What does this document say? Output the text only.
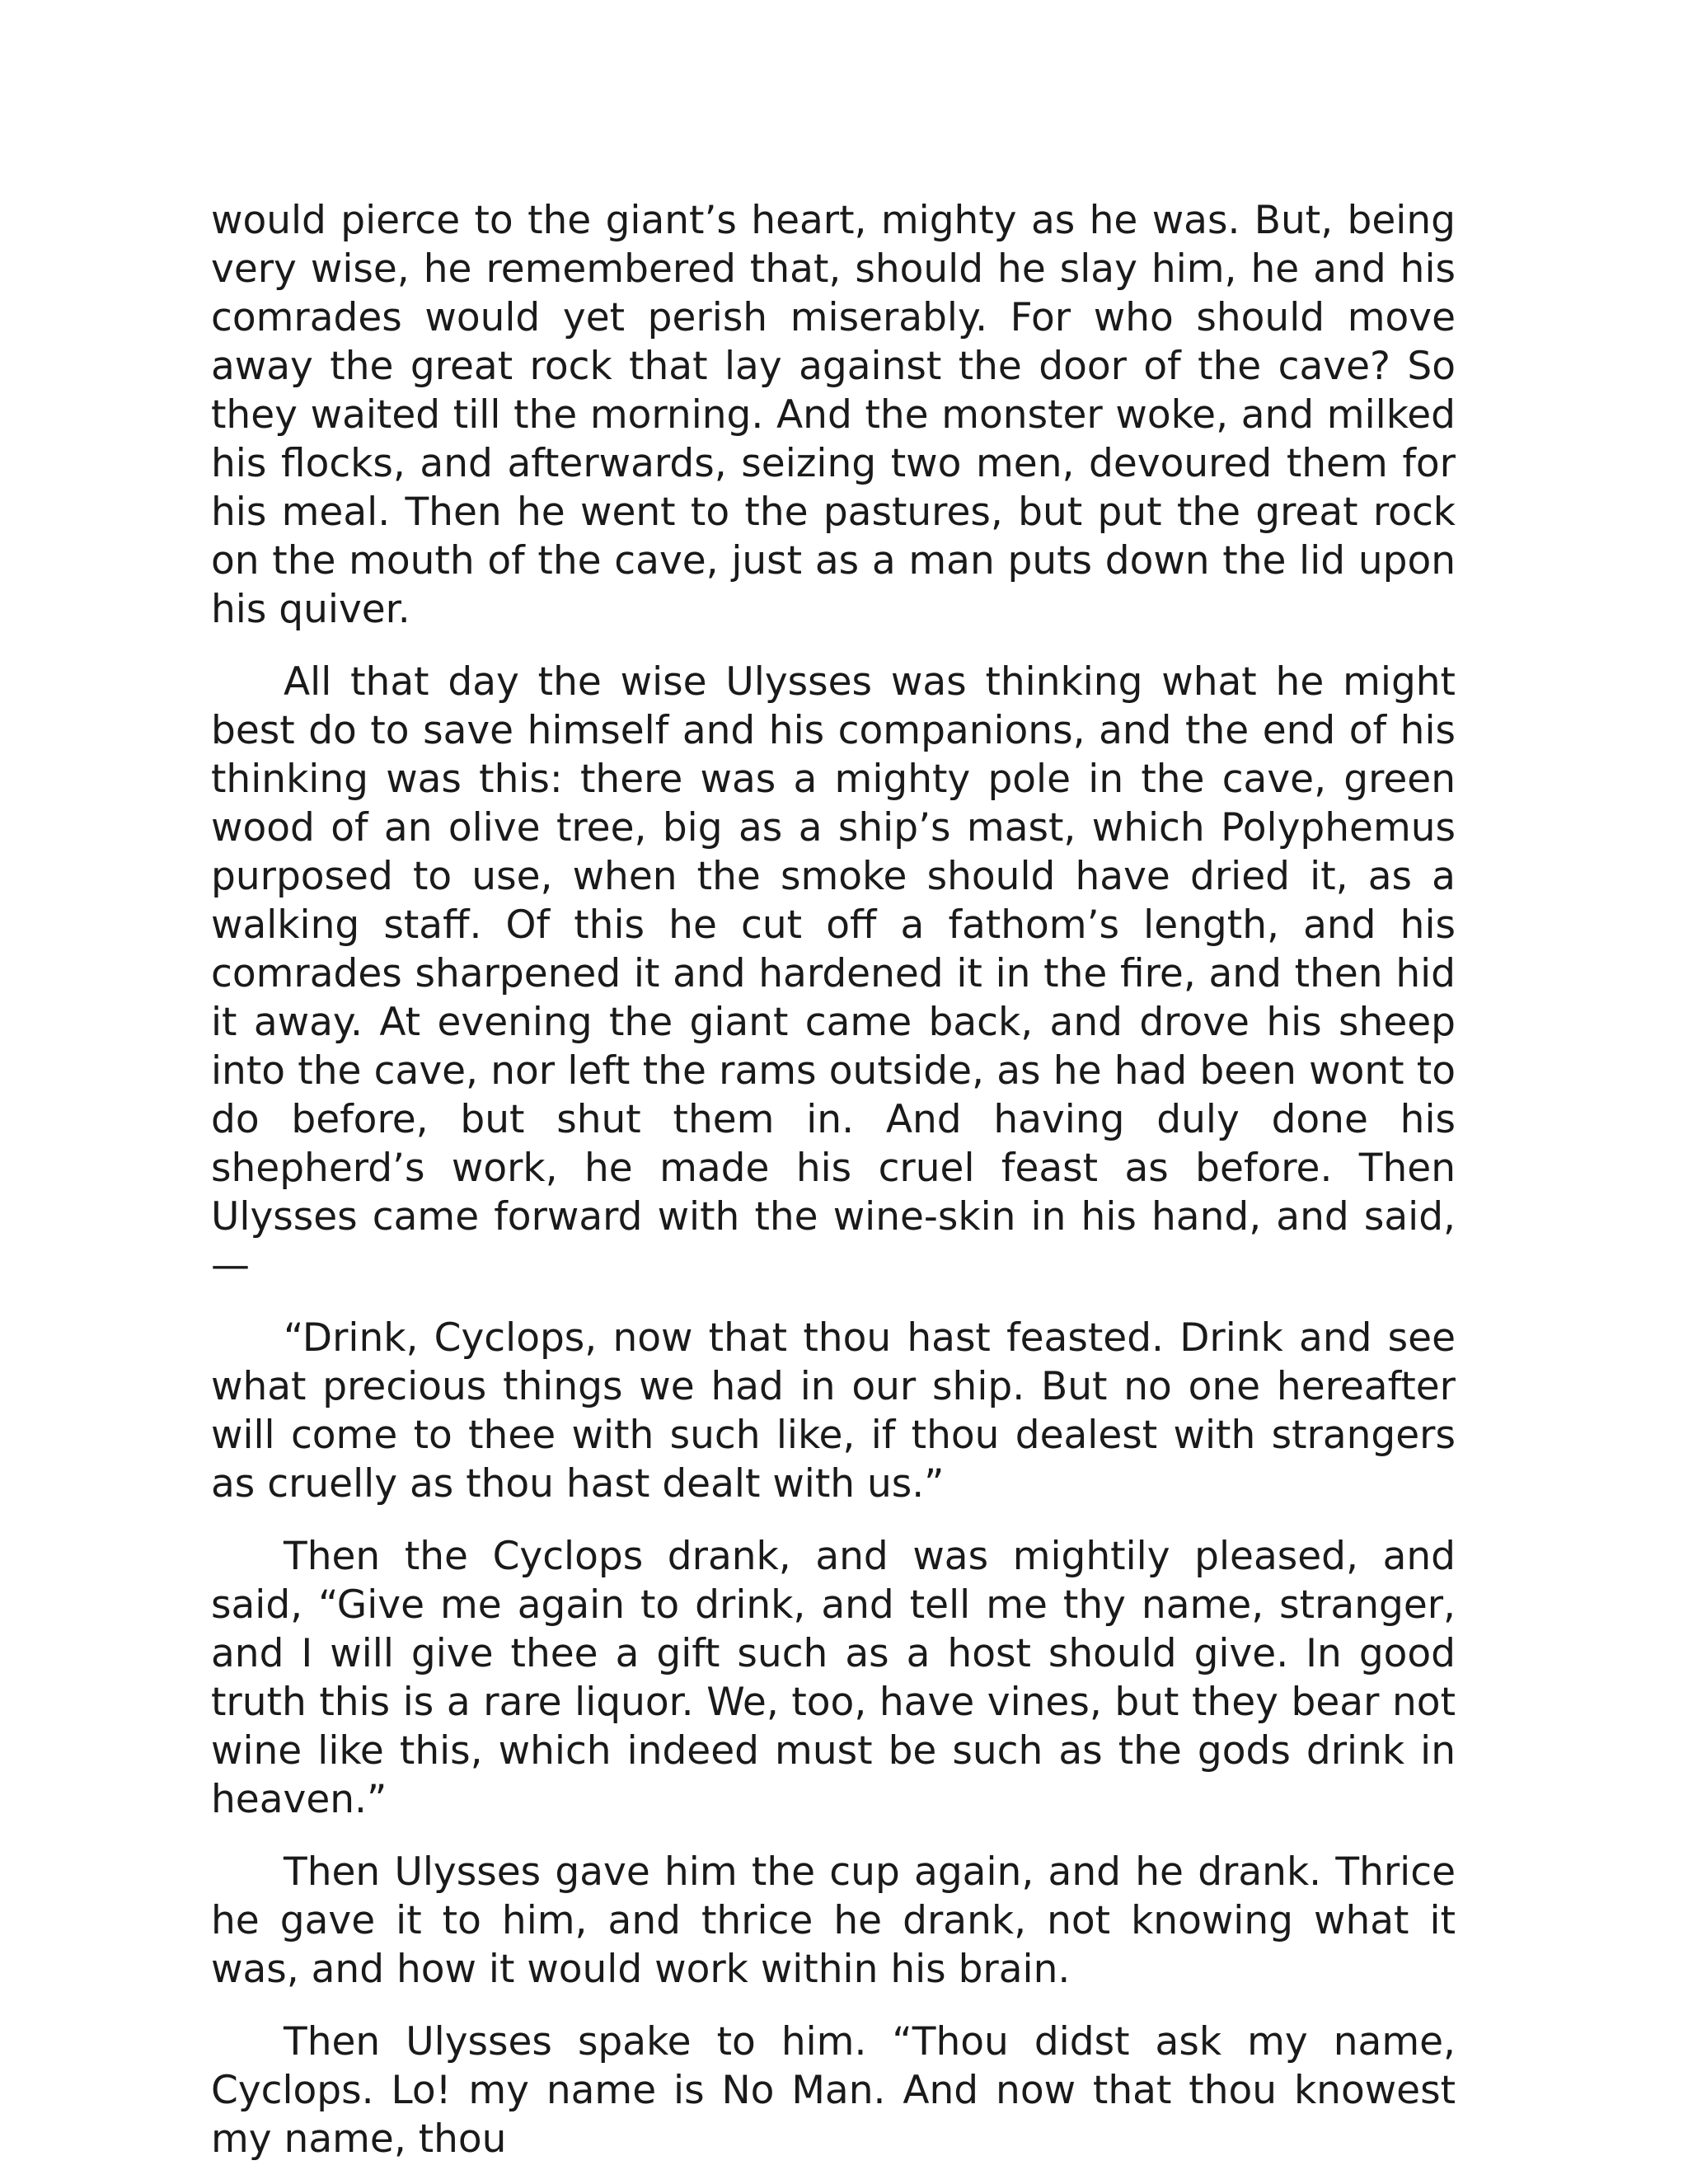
would pierce to the giant’s heart, mighty as he was. But, being very wise, he remembered that, should he slay him, he and his comrades would yet perish miserably. For who should move away the great rock that lay against the door of the cave? So they waited till the morning. And the monster woke, and milked his flocks, and afterwards, seizing two men, devoured them for his meal. Then he went to the pastures, but put the great rock on the mouth of the cave, just as a man puts down the lid upon his quiver.

All that day the wise Ulysses was thinking what he might best do to save himself and his companions, and the end of his thinking was this: there was a mighty pole in the cave, green wood of an olive tree, big as a ship’s mast, which Polyphemus purposed to use, when the smoke should have dried it, as a walking staff. Of this he cut off a fathom’s length, and his comrades sharpened it and hardened it in the fire, and then hid it away. At evening the giant came back, and drove his sheep into the cave, nor left the rams outside, as he had been wont to do before, but shut them in. And having duly done his shepherd’s work, he made his cruel feast as before. Then Ulysses came forward with the wine-skin in his hand, and said,—

“Drink, Cyclops, now that thou hast feasted. Drink and see what precious things we had in our ship. But no one hereafter will come to thee with such like, if thou dealest with strangers as cruelly as thou hast dealt with us.”

Then the Cyclops drank, and was mightily pleased, and said, “Give me again to drink, and tell me thy name, stranger, and I will give thee a gift such as a host should give. In good truth this is a rare liquor. We, too, have vines, but they bear not wine like this, which indeed must be such as the gods drink in heaven.”

Then Ulysses gave him the cup again, and he drank. Thrice he gave it to him, and thrice he drank, not knowing what it was, and how it would work within his brain.

Then Ulysses spake to him. “Thou didst ask my name, Cyclops. Lo! my name is No Man. And now that thou knowest my name, thou
